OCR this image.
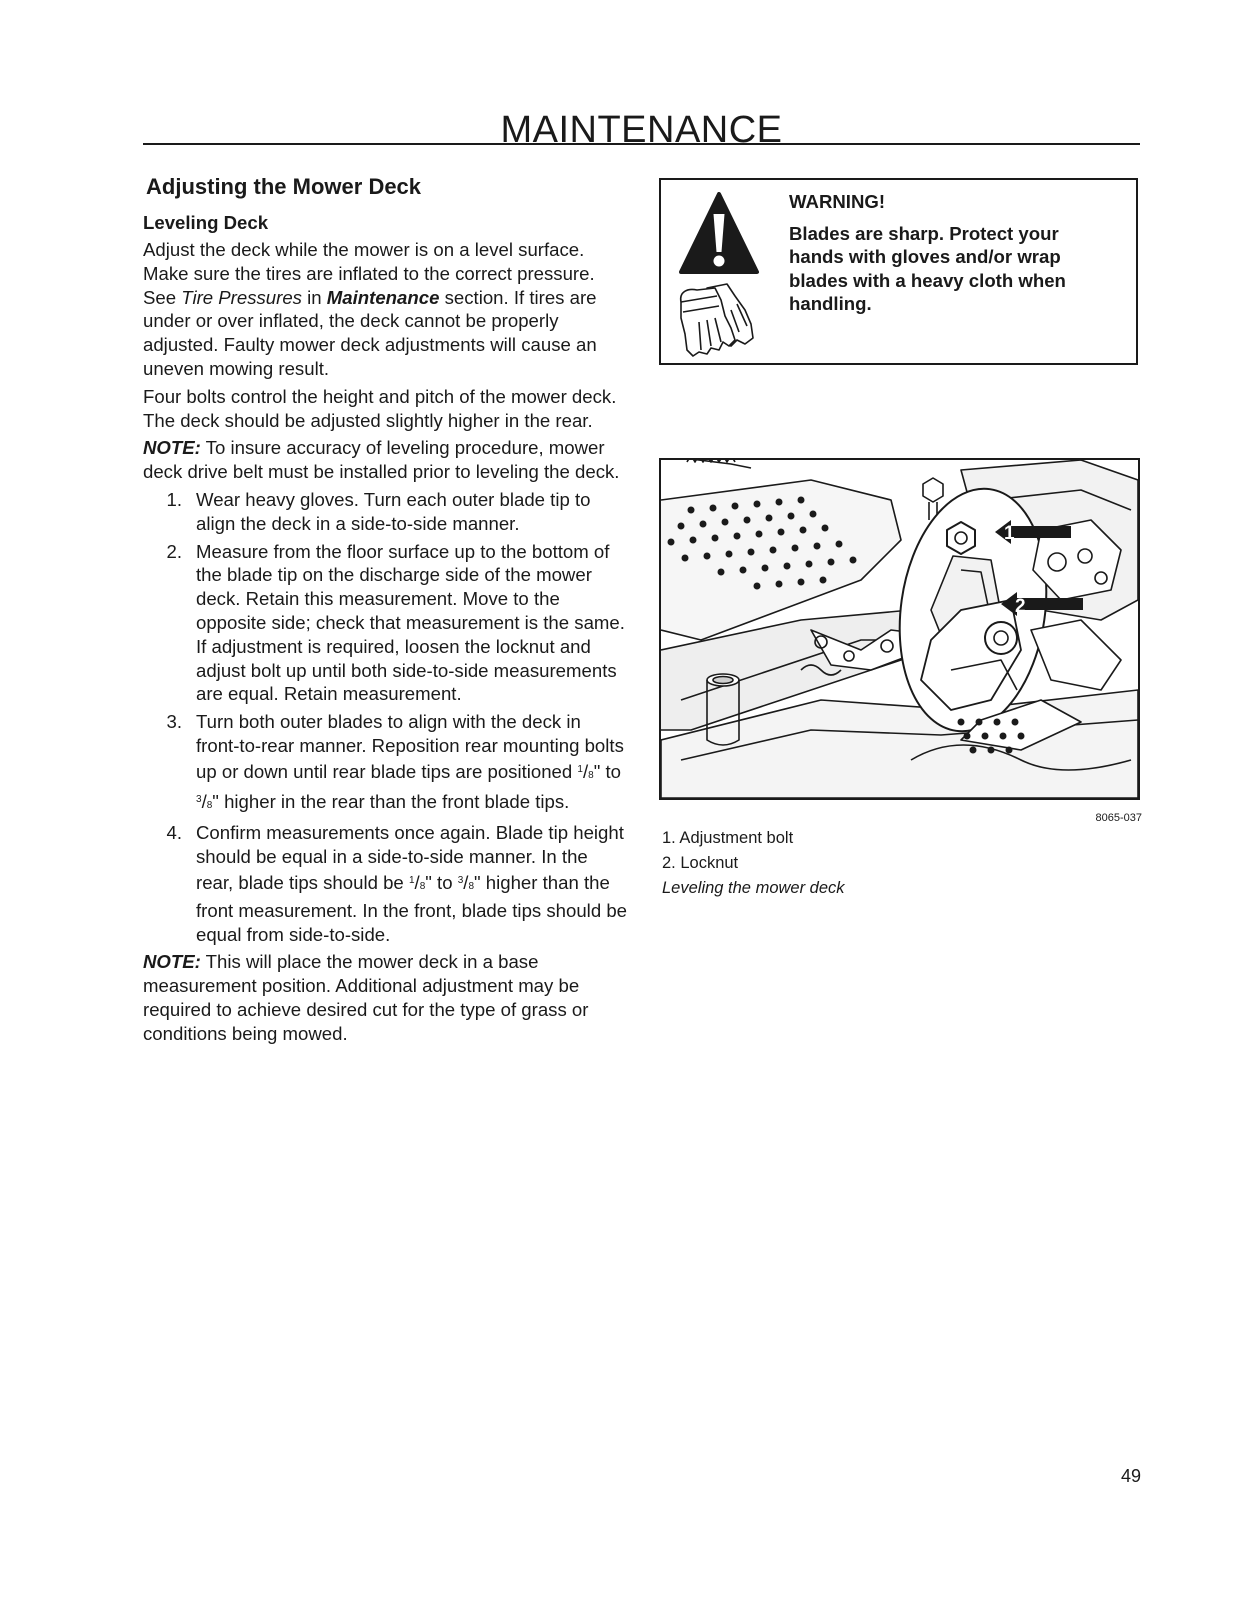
MAINTENANCE
Adjusting the Mower Deck
Leveling Deck

Adjust the deck while the mower is on a level surface. Make sure the tires are inflated to the correct pressure. See Tire Pressures in Maintenance section. If tires are under or over inflated, the deck cannot be properly adjusted. Faulty mower deck adjustments will cause an uneven mowing result.

Four bolts control the height and pitch of the mower deck. The deck should be adjusted slightly higher in the rear.

NOTE: To insure accuracy of leveling procedure, mower deck drive belt must be installed prior to leveling the deck.

1. Wear heavy gloves. Turn each outer blade tip to align the deck in a side-to-side manner.
2. Measure from the floor surface up to the bottom of the blade tip on the discharge side of the mower deck. Retain this measurement. Move to the opposite side; check that measurement is the same. If adjustment is required, loosen the locknut and adjust bolt up until both side-to-side measurements are equal. Retain measurement.
3. Turn both outer blades to align with the deck in front-to-rear manner. Reposition rear mounting bolts up or down until rear blade tips are positioned $^1$/8" to $^3$/8" higher in the rear than the front blade tips.
4. Confirm measurements once again. Blade tip height should be equal in a side-to-side manner. In the rear, blade tips should be $^1$/8" to $^3$/8" higher than the front measurement. In the front, blade tips should be equal from side-to-side.

NOTE: This will place the mower deck in a base measurement position. Additional adjustment may be required to achieve desired cut for the type of grass or conditions being mowed.

WARNING!

Blades are sharp. Protect your hands with gloves and/or wrap blades with a heavy cloth when handling.

1
2
8065-037
1. Adjustment bolt
2. Locknut
Leveling the mower deck
49
